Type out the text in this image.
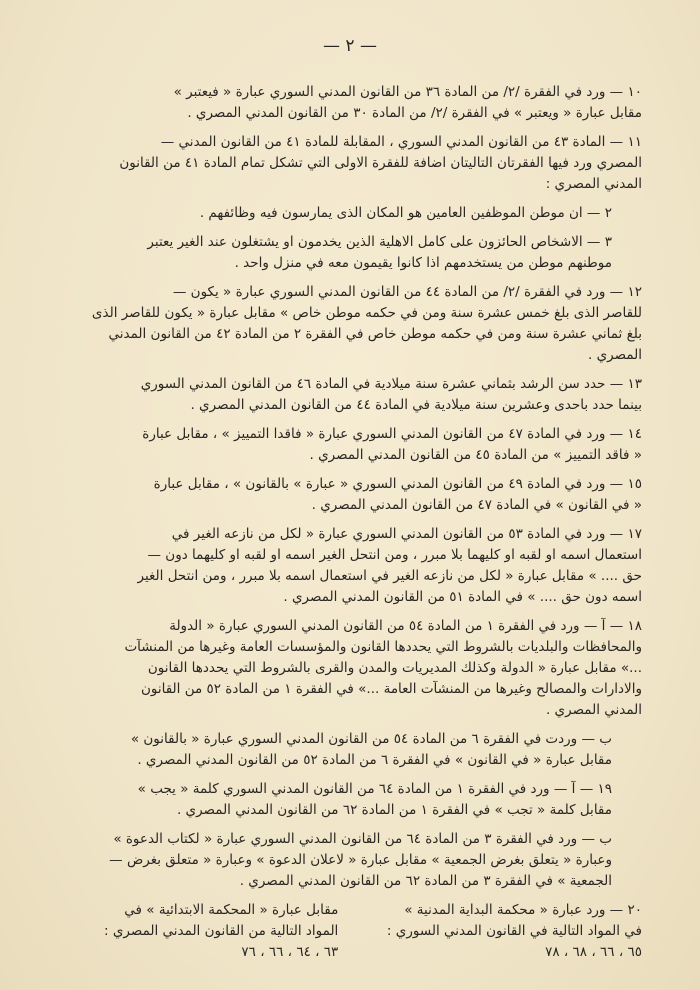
— ٢ —
١٠ — ورد في الفقرة /٢/ من المادة ٣٦ من القانون المدني السوري عبارة « فيعتبر »
مقابل عبارة « ويعتبر » في الفقرة /٢/ من المادة ٣٠ من القانون المدني المصري .
١١ — المادة ٤٣ من القانون المدني السوري ، المقابلة للمادة ٤١ من القانون المدني —
المصري ورد فيها الفقرتان التاليتان اضافة للفقرة الاولى التي تشكل تمام المادة ٤١ من القانون
المدني المصري :
٢ — ان موطن الموظفين العامين هو المكان الذى يمارسون فيه وظائفهم .
٣ — الاشخاص الحائزون على كامل الاهلية الذين يخدمون او يشتغلون عند الغير يعتبر
موطنهم موطن من يستخدمهم اذا كانوا يقيمون معه في منزل واحد .
١٢ — ورد في الفقرة /٢/ من المادة ٤٤ من القانون المدني السوري عبارة « يكون —
للقاصر الذى بلغ خمس عشرة سنة ومن في حكمه موطن خاص » مقابل عبارة « يكون للقاصر الذى
بلغ ثماني عشرة سنة ومن في حكمه موطن خاص في الفقرة ٢ من المادة ٤٢ من القانون المدني
المصري .
١٣ — حدد سن الرشد بثماني عشرة سنة ميلادية في المادة ٤٦ من القانون المدني السوري
بينما حدد باحدى وعشرين سنة ميلادية في المادة ٤٤ من القانون المدني المصري .
١٤ — ورد في المادة ٤٧ من القانون المدني السوري عبارة « فاقدا التمييز » ، مقابل عبارة
« فاقد التمييز » من المادة ٤٥ من القانون المدني المصري .
١٥ — ورد في المادة ٤٩ من القانون المدني السوري « عبارة » بالقانون » ، مقابل عبارة
« في القانون » في المادة ٤٧ من القانون المدني المصري .
١٧ — ورد في المادة ٥٣ من القانون المدني السوري عبارة « لكل من نازعه الغير في
استعمال اسمه او لقبه او كليهما بلا مبرر ، ومن انتحل الغير اسمه او لقبه او كليهما دون —
حق .... » مقابل عبارة « لكل من نازعه الغير في استعمال اسمه بلا مبرر ، ومن انتحل الغير
اسمه دون حق .... » في المادة ٥١ من القانون المدني المصري .
١٨ — آ — ورد في الفقرة ١ من المادة ٥٤ من القانون المدني السوري عبارة « الدولة
والمحافظات والبلديات بالشروط التي يحددها القانون والمؤسسات العامة وغيرها من المنشآت
...» مقابل عبارة « الدولة وكذلك المديريات والمدن والقرى بالشروط التي يحددها القانون
والادارات والمصالح وغيرها من المنشآت العامة ...» في الفقرة ١ من المادة ٥٢ من القانون
المدني المصري .
ب — وردت في الفقرة ٦ من المادة ٥٤ من القانون المدني السوري عبارة « بالقانون »
مقابل عبارة « في القانون » في الفقرة ٦ من المادة ٥٢ من القانون المدني المصري .
١٩ — آ — ورد في الفقرة ١ من المادة ٦٤ من القانون المدني السوري كلمة « يجب »
مقابل كلمة « تجب » في الفقرة ١ من المادة ٦٢ من القانون المدني المصري .
ب — ورد في الفقرة ٣ من المادة ٦٤ من القانون المدني السوري عبارة « لكتاب الدعوة »
وعبارة « يتعلق بغرض الجمعية » مقابل عبارة « لاعلان الدعوة » وعبارة « متعلق بغرض —
الجمعية » في الفقرة ٣ من المادة ٦٢ من القانون المدني المصري .
٢٠ — ورد عبارة « محكمة البداية المدنية »
في المواد التالية في القانون المدني السوري :
٦٥ ، ٦٦ ، ٦٨ ، ٧٨
مقابل عبارة « المحكمة الابتدائية » في
المواد التالية من القانون المدني المصري :
٦٣ ، ٦٤ ، ٦٦ ، ٧٦
